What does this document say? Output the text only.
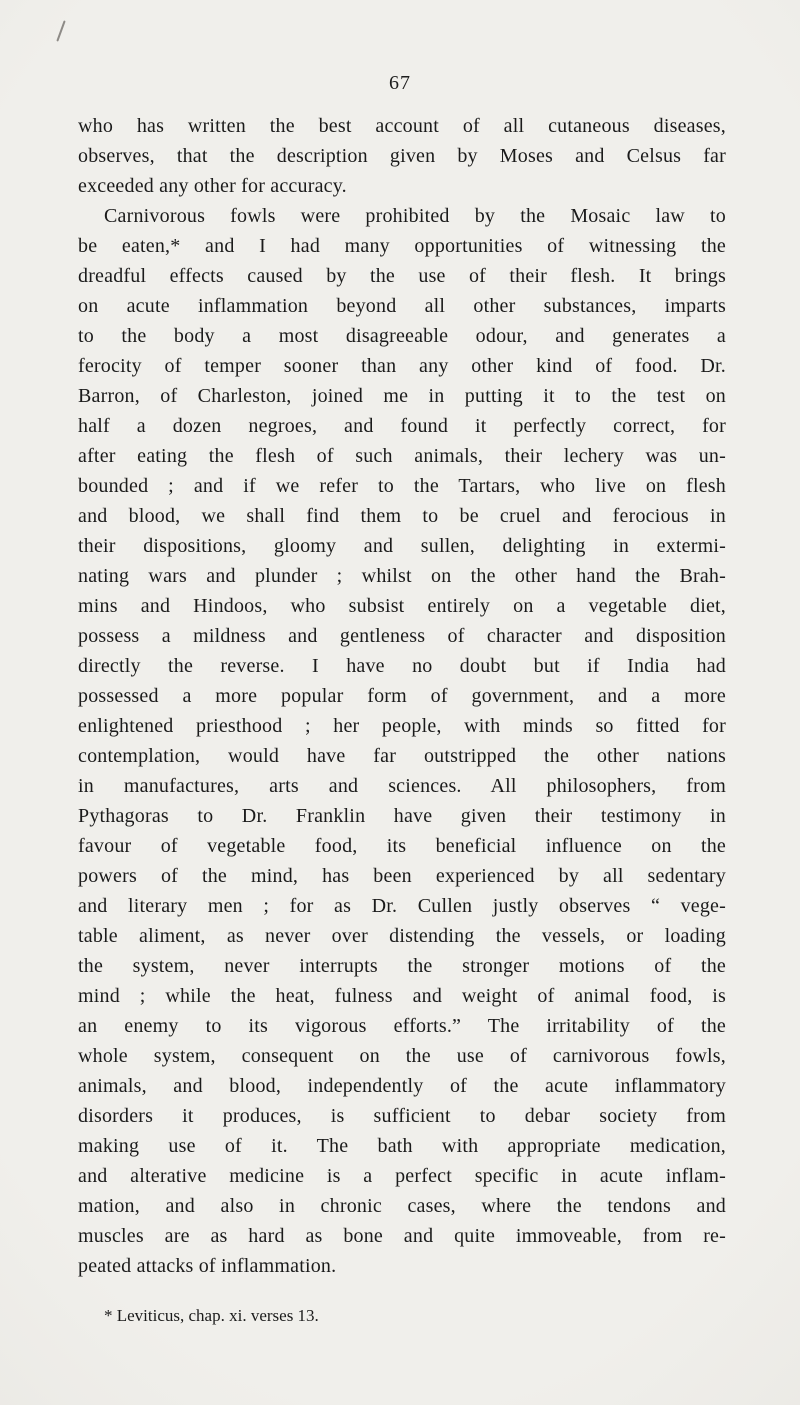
67
who has written the best account of all cutaneous diseases,
observes, that the description given by Moses and Celsus far
exceeded any other for accuracy.
Carnivorous fowls were prohibited by the Mosaic law to
be eaten,* and I had many opportunities of witnessing the
dreadful effects caused by the use of their flesh. It brings
on acute inflammation beyond all other substances, imparts
to the body a most disagreeable odour, and generates a
ferocity of temper sooner than any other kind of food. Dr.
Barron, of Charleston, joined me in putting it to the test on
half a dozen negroes, and found it perfectly correct, for
after eating the flesh of such animals, their lechery was un-
bounded ; and if we refer to the Tartars, who live on flesh
and blood, we shall find them to be cruel and ferocious in
their dispositions, gloomy and sullen, delighting in extermi-
nating wars and plunder ; whilst on the other hand the Brah-
mins and Hindoos, who subsist entirely on a vegetable diet,
possess a mildness and gentleness of character and disposition
directly the reverse. I have no doubt but if India had
possessed a more popular form of government, and a more
enlightened priesthood ; her people, with minds so fitted for
contemplation, would have far outstripped the other nations
in manufactures, arts and sciences. All philosophers, from
Pythagoras to Dr. Franklin have given their testimony in
favour of vegetable food, its beneficial influence on the
powers of the mind, has been experienced by all sedentary
and literary men ; for as Dr. Cullen justly observes “ vege-
table aliment, as never over distending the vessels, or loading
the system, never interrupts the stronger motions of the
mind ; while the heat, fulness and weight of animal food, is
an enemy to its vigorous efforts.” The irritability of the
whole system, consequent on the use of carnivorous fowls,
animals, and blood, independently of the acute inflammatory
disorders it produces, is sufficient to debar society from
making use of it. The bath with appropriate medication,
and alterative medicine is a perfect specific in acute inflam-
mation, and also in chronic cases, where the tendons and
muscles are as hard as bone and quite immoveable, from re-
peated attacks of inflammation.
* Leviticus, chap. xi. verses 13.
